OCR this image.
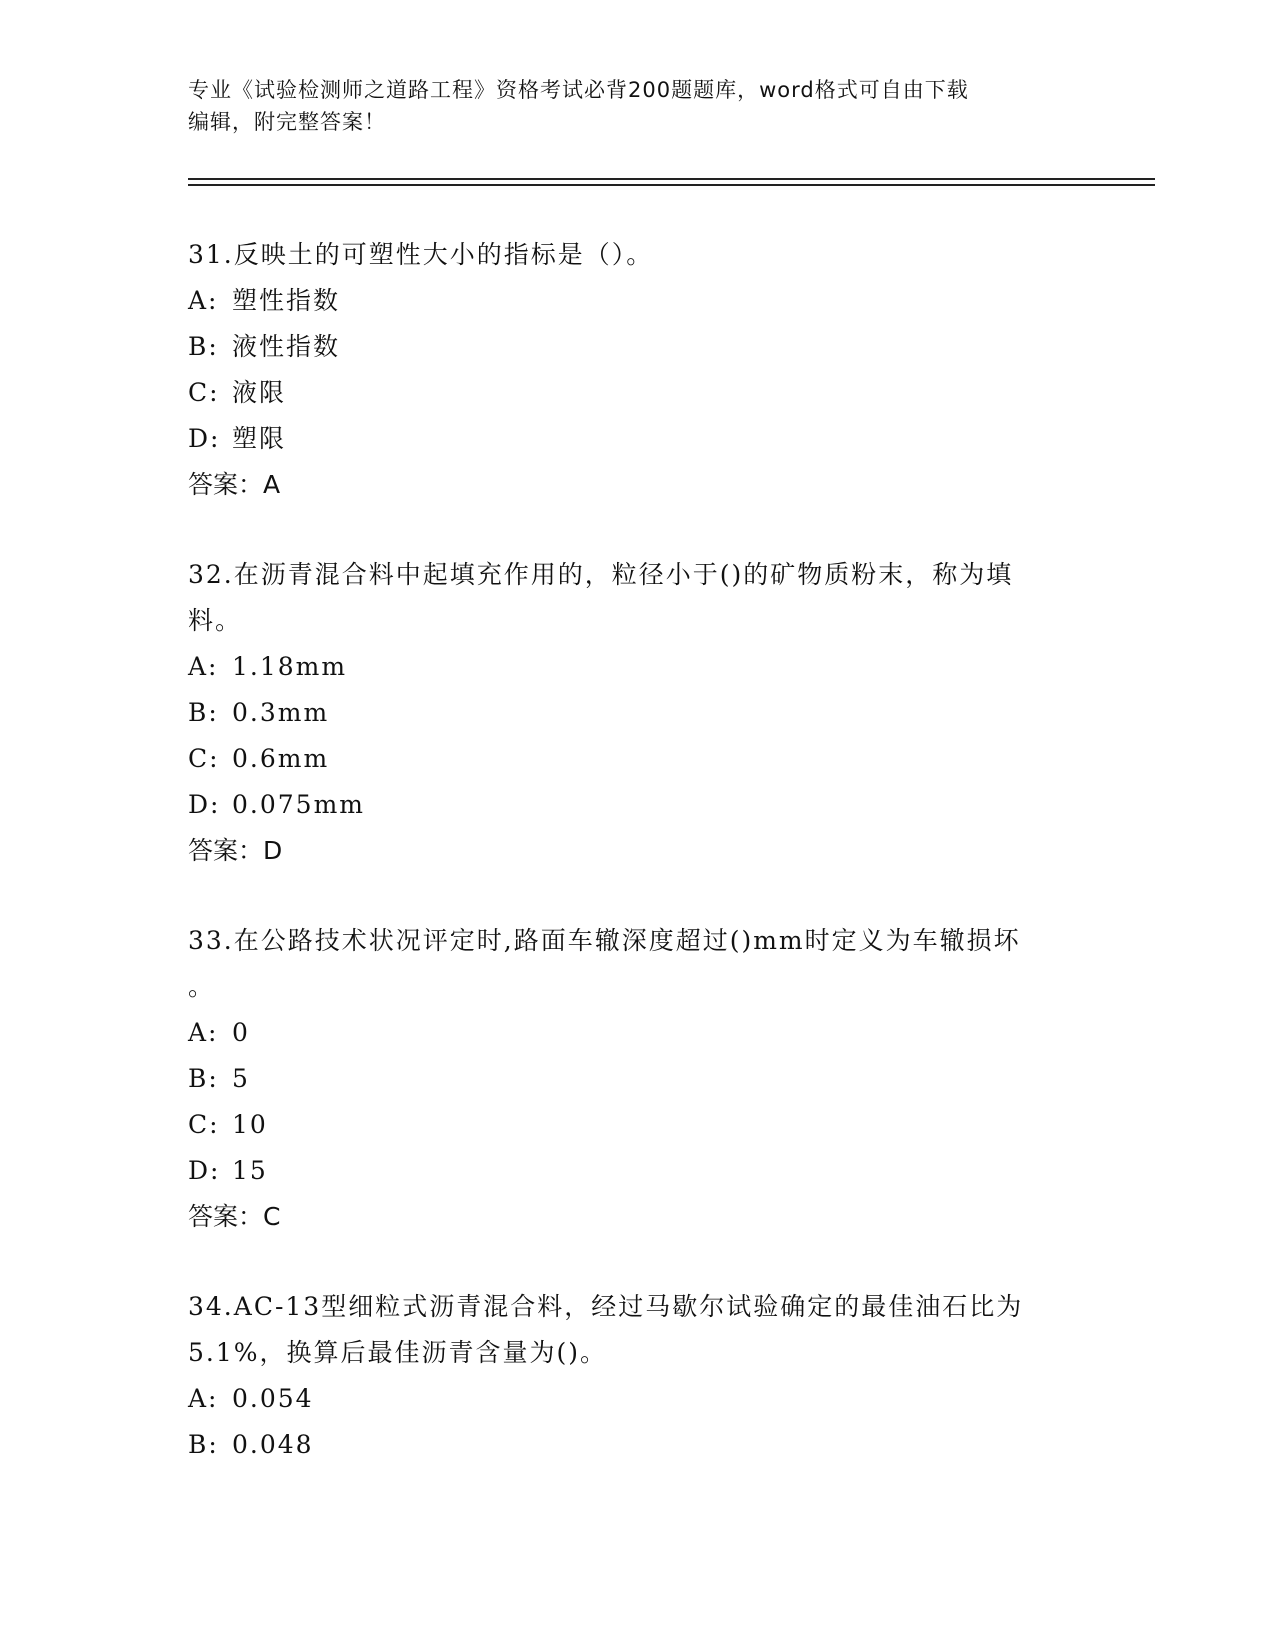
专业《试验检测师之道路工程》资格考试必背200题题库，word格式可自由下载
编辑，附完整答案！
31.反映土的可塑性大小的指标是（）。
A: 塑性指数
B: 液性指数
C: 液限
D: 塑限
答案：A
32.在沥青混合料中起填充作用的，粒径小于()的矿物质粉末，称为填
料。
A: 1.18mm
B: 0.3mm
C: 0.6mm
D: 0.075mm
答案：D
33.在公路技术状况评定时,路面车辙深度超过()mm时定义为车辙损坏
。
A: 0
B: 5
C: 10
D: 15
答案：C
34.AC-13型细粒式沥青混合料，经过马歇尔试验确定的最佳油石比为
5.1%，换算后最佳沥青含量为()。
A: 0.054
B: 0.048
